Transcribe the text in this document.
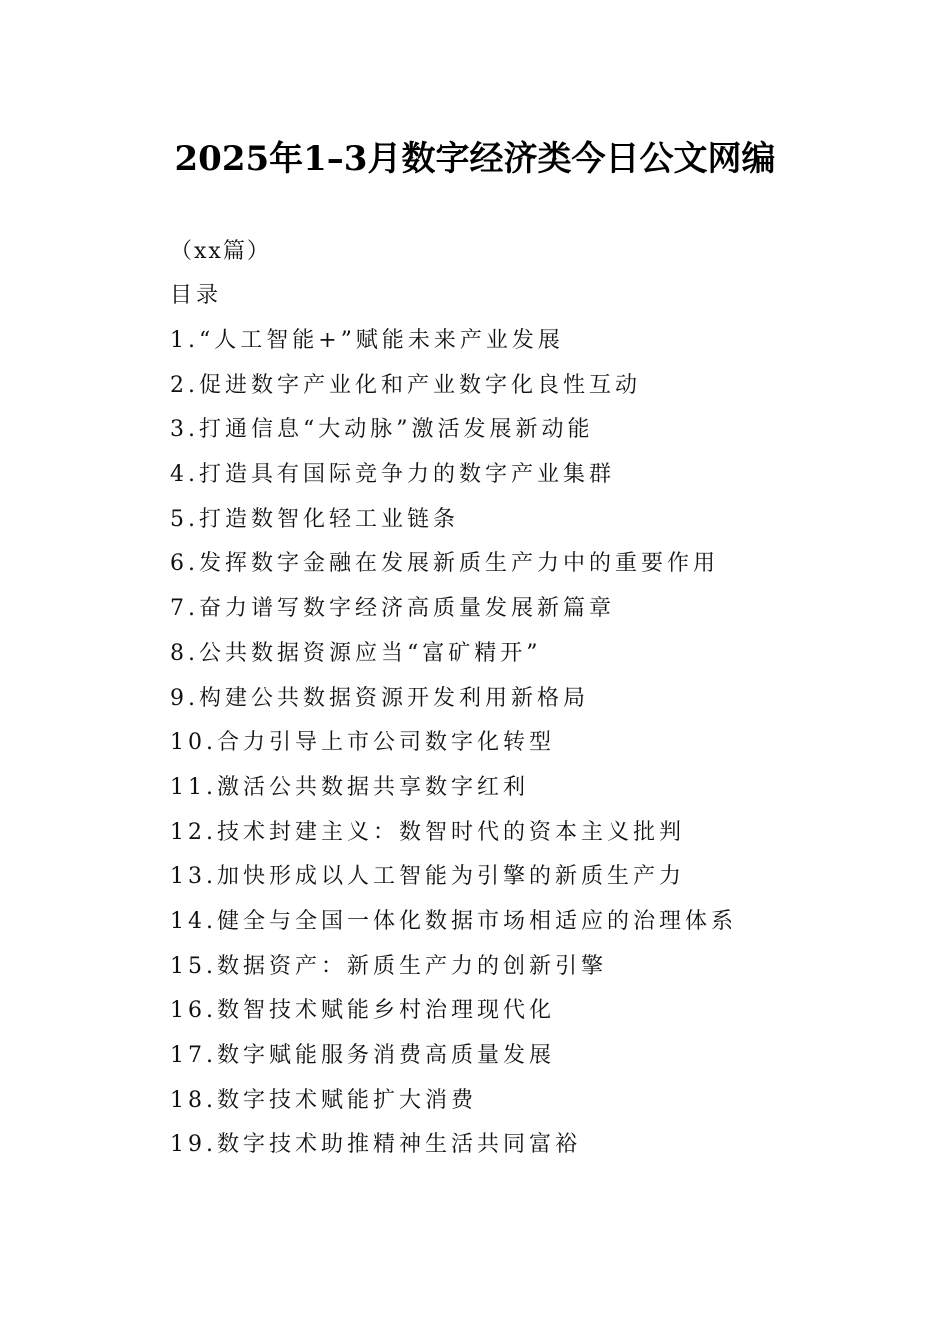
2025年1–3月数字经济类今日公文网编
（xx篇）
目录
1.“人工智能+”赋能未来产业发展
2.促进数字产业化和产业数字化良性互动
3.打通信息“大动脉”激活发展新动能
4.打造具有国际竞争力的数字产业集群
5.打造数智化轻工业链条
6.发挥数字金融在发展新质生产力中的重要作用
7.奋力谱写数字经济高质量发展新篇章
8.公共数据资源应当“富矿精开”
9.构建公共数据资源开发利用新格局
10.合力引导上市公司数字化转型
11.激活公共数据共享数字红利
12.技术封建主义：数智时代的资本主义批判
13.加快形成以人工智能为引擎的新质生产力
14.健全与全国一体化数据市场相适应的治理体系
15.数据资产：新质生产力的创新引擎
16.数智技术赋能乡村治理现代化
17.数字赋能服务消费高质量发展
18.数字技术赋能扩大消费
19.数字技术助推精神生活共同富裕
